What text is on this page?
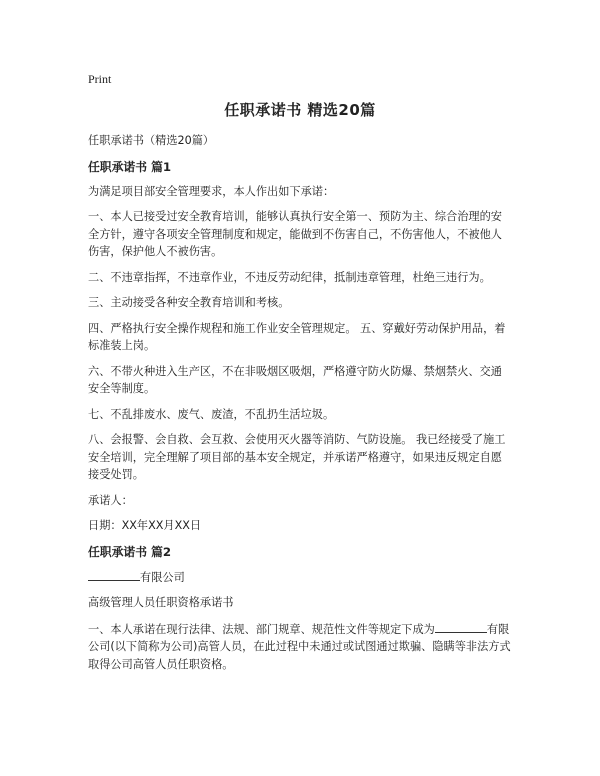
Print
任职承诺书 精选20篇

任职承诺书（精选20篇）

任职承诺书 篇1

为满足项目部安全管理要求，本人作出如下承诺：

一、本人已接受过安全教育培训，能够认真执行安全第一、预防为主、综合治理的安全方针，遵守各项安全管理制度和规定，能做到不伤害自己，不伤害他人，不被他人伤害，保护他人不被伤害。

二、不违章指挥，不违章作业，不违反劳动纪律，抵制违章管理，杜绝三违行为。

三、主动接受各种安全教育培训和考核。

四、严格执行安全操作规程和施工作业安全管理规定。 五、穿戴好劳动保护用品，着标准装上岗。

六、不带火种进入生产区，不在非吸烟区吸烟，严格遵守防火防爆、禁烟禁火、交通安全等制度。

七、不乱排废水、废气、废渣，不乱扔生活垃圾。

八、会报警、会自救、会互救、会使用灭火器等消防、气防设施。 我已经接受了施工安全培训，完全理解了项目部的基本安全规定，并承诺严格遵守，如果违反规定自愿接受处罚。

承诺人：

日期：XX年XX月XX日

任职承诺书 篇2

有限公司

高级管理人员任职资格承诺书

一、本人承诺在现行法律、法规、部门规章、规范性文件等规定下成为	有限公司(以下简称为公司)高管人员，在此过程中未通过或试图通过欺骗、隐瞒等非法方式取得公司高管人员任职资格。
